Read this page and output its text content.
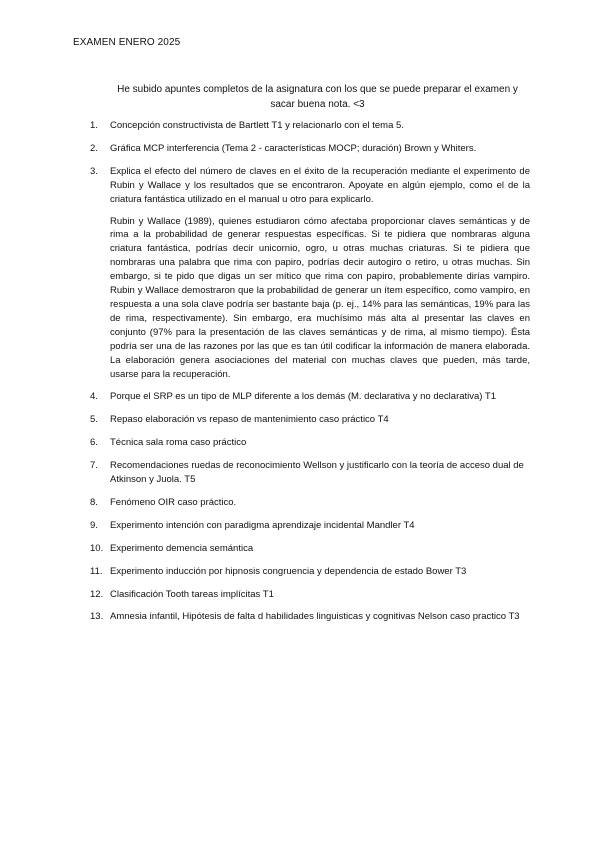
EXAMEN ENERO 2025
He subido apuntes completos de la asignatura con los que se puede preparar el examen y
sacar buena nota. <3
1.	Concepción constructivista de Bartlett T1 y relacionarlo con el tema 5.
2.	Gráfica MCP interferencia (Tema 2 - características MOCP; duración) Brown y Whiters.
3.	Explica el efecto del número de claves en el éxito de la recuperación mediante el experimento de Rubin y Wallace y los resultados que se encontraron. Apoyate en algún ejemplo, como el de la criatura fantástica utilizado en el manual u otro para explicarlo.
Rubin y Wallace (1989), quienes estudiaron cómo afectaba proporcionar claves semánticas y de rima a la probabilidad de generar respuestas específicas. Si te pidiera que nombraras alguna criatura fantástica, podrías decir unicornio, ogro, u otras muchas criaturas. Si te pidiera que nombraras una palabra que rima con papiro, podrías decir autogiro o retiro, u otras muchas. Sin embargo, si te pido que digas un ser mítico que rima con papiro, probablemente dirías vampiro. Rubin y Wallace demostraron que la probabilidad de generar un ítem específico, como vampiro, en respuesta a una sola clave podría ser bastante baja (p. ej., 14% para las semánticas, 19% para las de rima, respectivamente). Sin embargo, era muchísimo más alta al presentar las claves en conjunto (97% para la presentación de las claves semánticas y de rima, al mismo tiempo). Ésta podría ser una de las razones por las que es tan útil codificar la información de manera elaborada. La elaboración genera asociaciones del material con muchas claves que pueden, más tarde, usarse para la recuperación.
4.	Porque el SRP es un tipo de MLP diferente a los demás (M. declarativa y no declarativa) T1
5.	Repaso elaboración vs repaso de mantenimiento caso práctico T4
6.	Técnica sala roma caso práctico
7.	Recomendaciones ruedas de reconocimiento Wellson y justificarlo con la teoría de acceso dual de Atkinson y Juola. T5
8.	Fenómeno OIR caso práctico.
9.	Experimento intención con paradigma aprendizaje incidental Mandler T4
10. Experimento demencia semántica
11. Experimento inducción por hipnosis congruencia y dependencia de estado Bower T3
12. Clasificación Tooth tareas implícitas T1
13. Amnesia infantil, Hipótesis de falta d habilidades linguisticas y cognitivas Nelson caso practico T3
